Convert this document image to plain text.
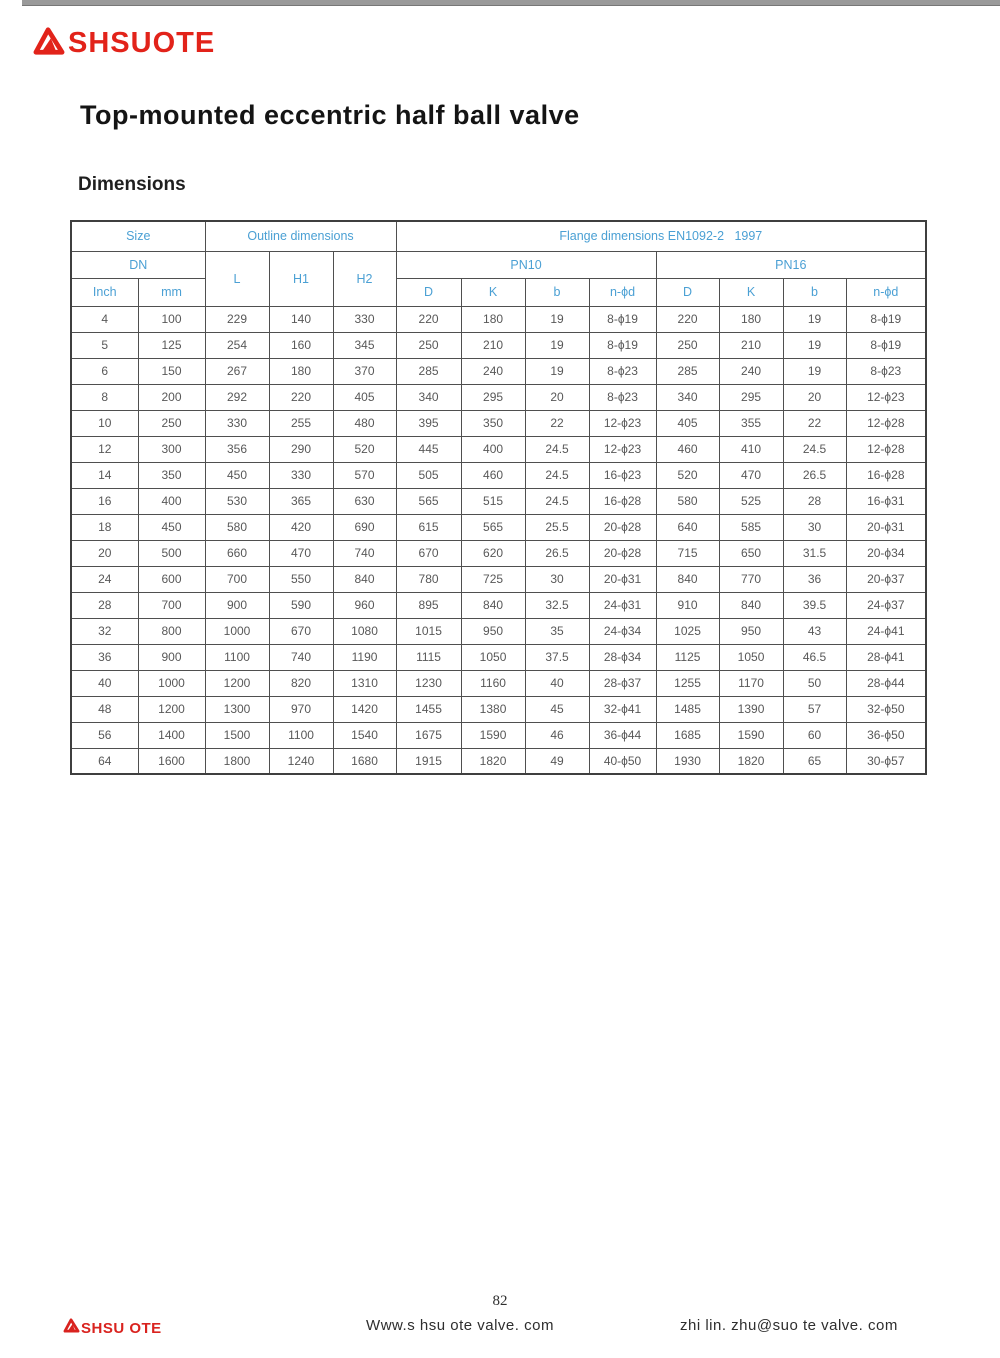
SHSUOTE
Top-mounted eccentric half ball valve
Dimensions
Size		Outline dimensions			Flange dimensions EN1092-2   1997							
DN		L	H1	H2	PN10				PN16			
Inch	mm				D	K	b	n-ϕd	D	K	b	n-ϕd
4	100	229	140	330	220	180	19	8-ϕ19	220	180	19	8-ϕ19
5	125	254	160	345	250	210	19	8-ϕ19	250	210	19	8-ϕ19
6	150	267	180	370	285	240	19	8-ϕ23	285	240	19	8-ϕ23
8	200	292	220	405	340	295	20	8-ϕ23	340	295	20	12-ϕ23
10	250	330	255	480	395	350	22	12-ϕ23	405	355	22	12-ϕ28
12	300	356	290	520	445	400	24.5	12-ϕ23	460	410	24.5	12-ϕ28
14	350	450	330	570	505	460	24.5	16-ϕ23	520	470	26.5	16-ϕ28
16	400	530	365	630	565	515	24.5	16-ϕ28	580	525	28	16-ϕ31
18	450	580	420	690	615	565	25.5	20-ϕ28	640	585	30	20-ϕ31
20	500	660	470	740	670	620	26.5	20-ϕ28	715	650	31.5	20-ϕ34
24	600	700	550	840	780	725	30	20-ϕ31	840	770	36	20-ϕ37
28	700	900	590	960	895	840	32.5	24-ϕ31	910	840	39.5	24-ϕ37
32	800	1000	670	1080	1015	950	35	24-ϕ34	1025	950	43	24-ϕ41
36	900	1100	740	1190	1115	1050	37.5	28-ϕ34	1125	1050	46.5	28-ϕ41
40	1000	1200	820	1310	1230	1160	40	28-ϕ37	1255	1170	50	28-ϕ44
48	1200	1300	970	1420	1455	1380	45	32-ϕ41	1485	1390	57	32-ϕ50
56	1400	1500	1100	1540	1675	1590	46	36-ϕ44	1685	1590	60	36-ϕ50
64	1600	1800	1240	1680	1915	1820	49	40-ϕ50	1930	1820	65	30-ϕ57
82
SHSU OTE	Www.s hsu ote valve. com	zhi lin. zhu@suo te valve. com
